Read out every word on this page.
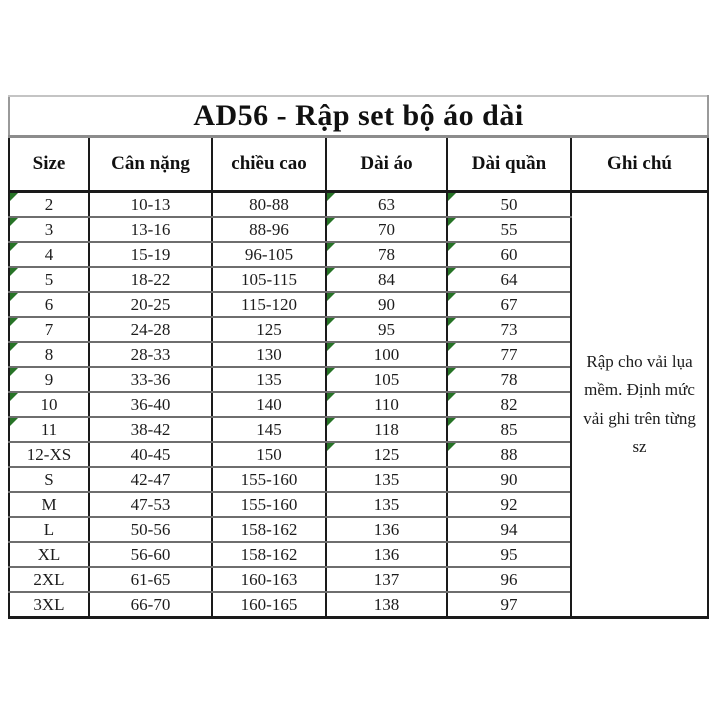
AD56 - Rập set bộ áo dài					
Size	Cân nặng	chiều cao	Dài áo	Dài quần	Ghi chú
2	10-13	80-88	63	50	Rập cho vải lụa mềm. Định mức vải ghi trên từng sz
3	13-16	88-96	70	55	
4	15-19	96-105	78	60	
5	18-22	105-115	84	64	
6	20-25	115-120	90	67	
7	24-28	125	95	73	
8	28-33	130	100	77	
9	33-36	135	105	78	
10	36-40	140	110	82	
11	38-42	145	118	85	
12-XS	40-45	150	125	88	
S	42-47	155-160	135	90	
M	47-53	155-160	135	92	
L	50-56	158-162	136	94	
XL	56-60	158-162	136	95	
2XL	61-65	160-163	137	96	
3XL	66-70	160-165	138	97	
